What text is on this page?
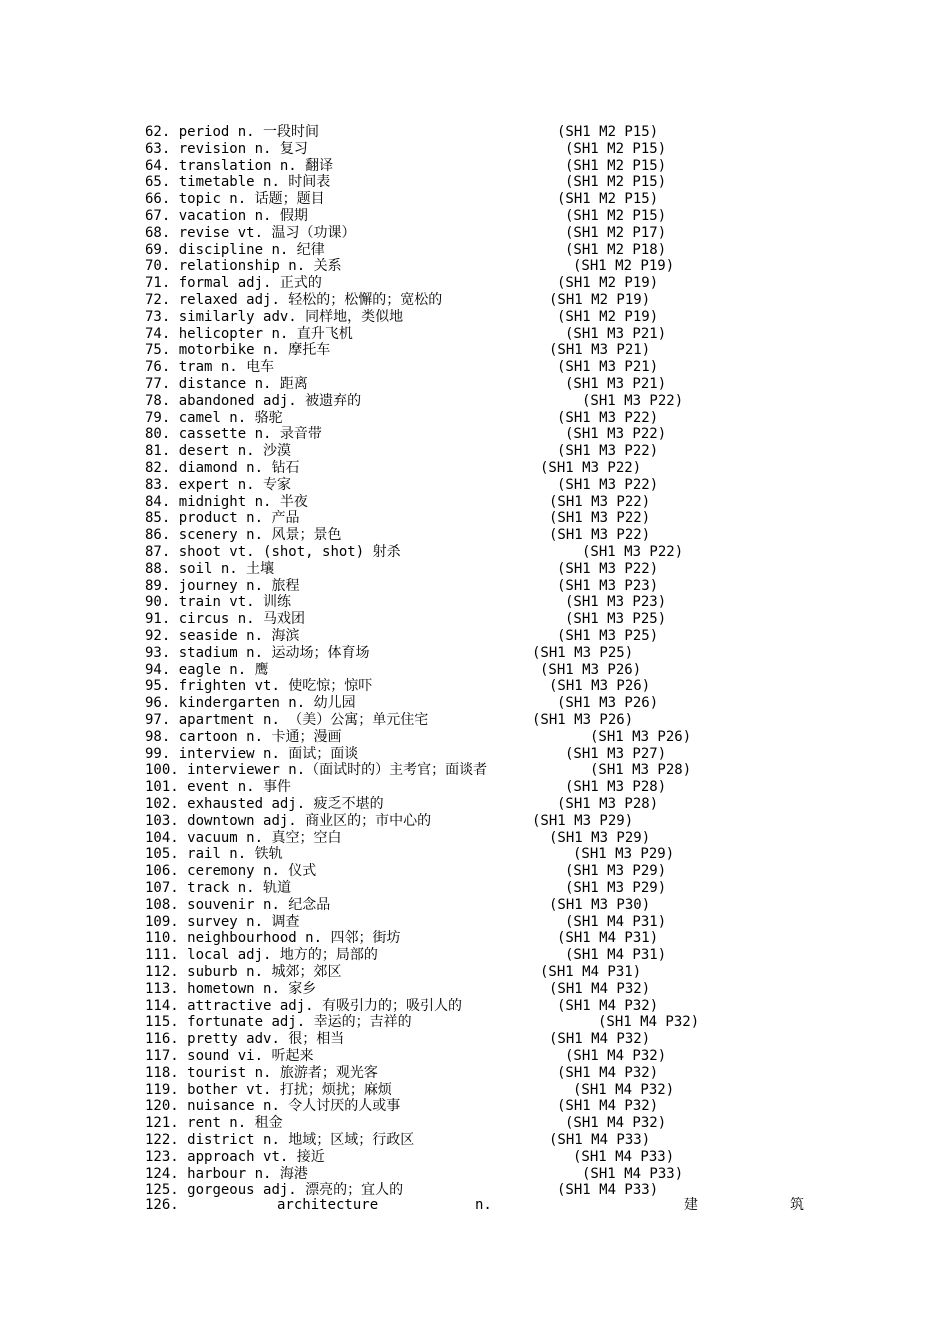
62. period n. 一段时间	(SH1 M2 P15)
63. revision n. 复习	(SH1 M2 P15)
64. translation n. 翻译	(SH1 M2 P15)
65. timetable n. 时间表	(SH1 M2 P15)
66. topic n. 话题；题目	(SH1 M2 P15)
67. vacation n. 假期	(SH1 M2 P15)
68. revise vt. 温习（功课）	(SH1 M2 P17)
69. discipline n. 纪律	(SH1 M2 P18)
70. relationship n. 关系	(SH1 M2 P19)
71. formal adj. 正式的	(SH1 M2 P19)
72. relaxed adj. 轻松的；松懈的；宽松的	(SH1 M2 P19)
73. similarly adv. 同样地，类似地	(SH1 M2 P19)
74. helicopter n. 直升飞机	(SH1 M3 P21)
75. motorbike n. 摩托车	(SH1 M3 P21)
76. tram n. 电车	(SH1 M3 P21)
77. distance n. 距离	(SH1 M3 P21)
78. abandoned adj. 被遗弃的	(SH1 M3 P22)
79. camel n. 骆驼	(SH1 M3 P22)
80. cassette n. 录音带	(SH1 M3 P22)
81. desert n. 沙漠	(SH1 M3 P22)
82. diamond n. 钻石	(SH1 M3 P22)
83. expert n. 专家	(SH1 M3 P22)
84. midnight n. 半夜	(SH1 M3 P22)
85. product n. 产品	(SH1 M3 P22)
86. scenery n. 风景；景色	(SH1 M3 P22)
87. shoot vt. (shot, shot) 射杀	(SH1 M3 P22)
88. soil n. 土壤	(SH1 M3 P22)
89. journey n. 旅程	(SH1 M3 P23)
90. train vt. 训练	(SH1 M3 P23)
91. circus n. 马戏团	(SH1 M3 P25)
92. seaside n. 海滨	(SH1 M3 P25)
93. stadium n. 运动场；体育场	(SH1 M3 P25)
94. eagle n. 鹰	(SH1 M3 P26)
95. frighten vt. 使吃惊；惊吓	(SH1 M3 P26)
96. kindergarten n. 幼儿园	(SH1 M3 P26)
97. apartment n. （美）公寓；单元住宅	(SH1 M3 P26)
98. cartoon n. 卡通；漫画	(SH1 M3 P26)
99. interview n. 面试；面谈	(SH1 M3 P27)
100. interviewer n.（面试时的）主考官；面谈者	(SH1 M3 P28)
101. event n. 事件	(SH1 M3 P28)
102. exhausted adj. 疲乏不堪的	(SH1 M3 P28)
103. downtown adj. 商业区的；市中心的	(SH1 M3 P29)
104. vacuum n. 真空；空白	(SH1 M3 P29)
105. rail n. 铁轨	(SH1 M3 P29)
106. ceremony n. 仪式	(SH1 M3 P29)
107. track n. 轨道	(SH1 M3 P29)
108. souvenir n. 纪念品	(SH1 M3 P30)
109. survey n. 调查	(SH1 M4 P31)
110. neighbourhood n. 四邻；街坊	(SH1 M4 P31)
111. local adj. 地方的；局部的	(SH1 M4 P31)
112. suburb n. 城郊；郊区	(SH1 M4 P31)
113. hometown n. 家乡	(SH1 M4 P32)
114. attractive adj. 有吸引力的；吸引人的	(SH1 M4 P32)
115. fortunate adj. 幸运的；吉祥的	(SH1 M4 P32)
116. pretty adv. 很；相当	(SH1 M4 P32)
117. sound vi. 听起来	(SH1 M4 P32)
118. tourist n. 旅游者；观光客	(SH1 M4 P32)
119. bother vt. 打扰；烦扰；麻烦	(SH1 M4 P32)
120. nuisance n. 令人讨厌的人或事	(SH1 M4 P32)
121. rent n. 租金	(SH1 M4 P32)
122. district n. 地域；区域；行政区	(SH1 M4 P33)
123. approach vt. 接近	(SH1 M4 P33)
124. harbour n. 海港	(SH1 M4 P33)
125. gorgeous adj. 漂亮的；宜人的	(SH1 M4 P33)
126.	architecture	n.	建	筑
